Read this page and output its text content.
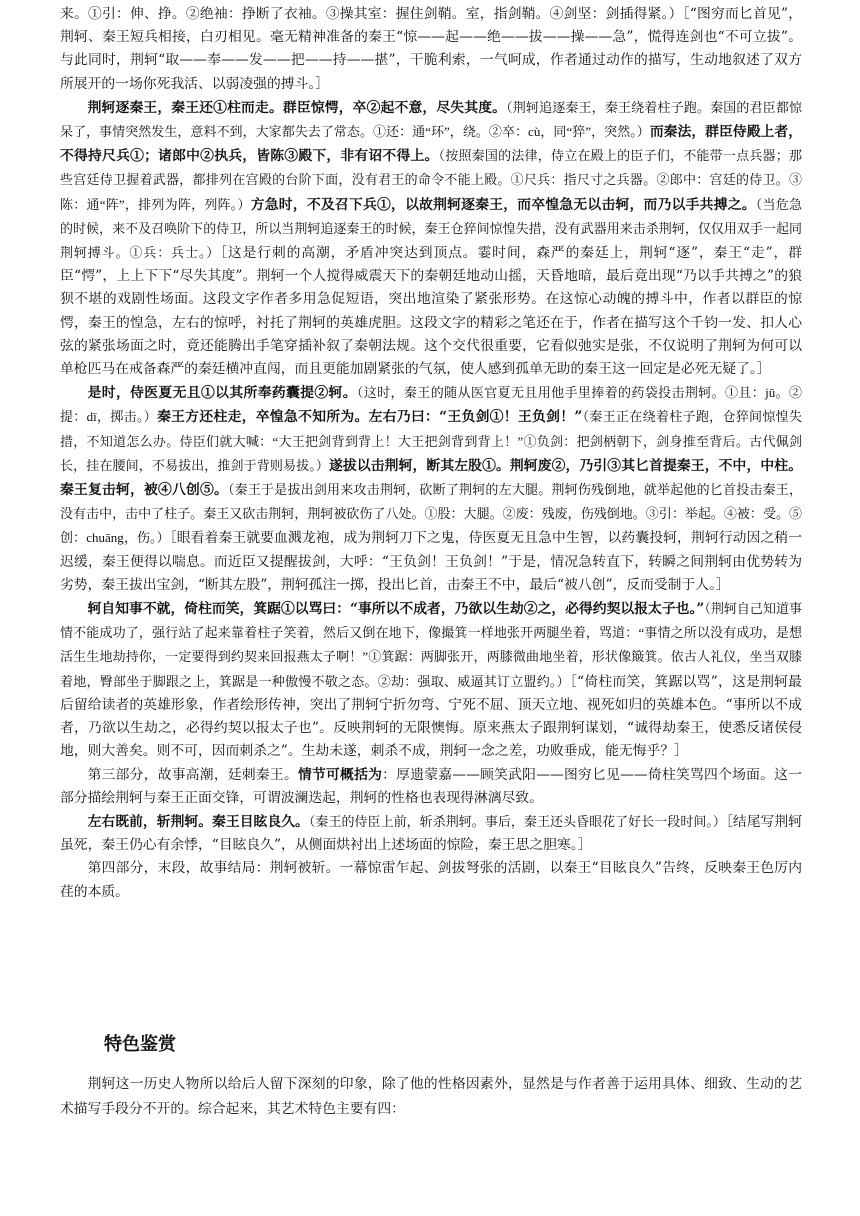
来。①引：伸、挣。②绝袖：挣断了衣袖。③操其室：握住剑鞘。室，指剑鞘。④剑坚：剑插得紧。）［“图穷而匕首见”，荆轲、秦王短兵相接，白刃相见。毫无精神准备的秦王“惊——起——绝——拔——操——急”，慌得连剑也“不可立拔”。与此同时，荆轲“取——奉——发——把——持——揕”，干脆利索，一气呵成，作者通过动作的描写，生动地叙述了双方所展开的一场你死我活、以弱凌强的搏斗。］

荆轲逐秦王，秦王还①柱而走。群臣惊愕，卒②起不意，尽失其度。（荆轲追逐秦王，秦王绕着柱子跑。秦国的君臣都惊呆了，事情突然发生，意料不到，大家都失去了常态。①还：通“环”，绕。②卒：cù，同“猝”，突然。）而秦法，群臣侍殿上者，不得持尺兵①；诸郎中②执兵，皆陈③殿下，非有诏不得上。（按照秦国的法律，侍立在殿上的臣子们，不能带一点兵器；那些宫廷侍卫握着武器，都排列在宫殿的台阶下面，没有君王的命令不能上殿。①尺兵：指尺寸之兵器。②郎中：宫廷的侍卫。③陈：通“阵”，排列为阵，列阵。）方急时，不及召下兵①，以故荆轲逐秦王，而卒惶急无以击轲，而乃以手共搏之。（当危急的时候，来不及召唤阶下的侍卫，所以当荆轲追逐秦王的时候，秦王仓猝间惊惶失措，没有武器用来击杀荆轲，仅仅用双手一起同荆轲搏斗。①兵：兵士。）［这是行刺的高潮，矛盾冲突达到顶点。霎时间，森严的秦廷上，荆轲“逐”，秦王“走”，群臣“愕”，上上下下“尽失其度”。荆轲一个人搅得威震天下的秦朝廷地动山摇，天昏地暗，最后竟出现“乃以手共搏之”的狼狈不堪的戏剧性场面。这段文字作者多用急促短语，突出地渲染了紧张形势。在这惊心动魄的搏斗中，作者以群臣的惊愕，秦王的惶急，左右的惊呼，衬托了荆轲的英雄虎胆。这段文字的精彩之笔还在于，作者在描写这个千钧一发、扣人心弦的紧张场面之时，竟还能腾出手笔穿插补叙了秦朝法规。这个交代很重要，它看似弛实是张，不仅说明了荆轲为何可以单枪匹马在戒备森严的秦廷横冲直闯，而且更能加剧紧张的气氛，使人感到孤单无助的秦王这一回定是必死无疑了。］

是时，侍医夏无且①以其所奉药囊提②轲。（这时，秦王的随从医官夏无且用他手里捧着的药袋投击荆轲。①且：jū。②提：dī，掷击。）秦王方还柱走，卒惶急不知所为。左右乃曰：“王负剑①！王负剑！”（秦王正在绕着柱子跑，仓猝间惊惶失措，不知道怎么办。侍臣们就大喊：“大王把剑背到背上！大王把剑背到背上！”①负剑：把剑柄朝下，剑身推至背后。古代佩剑长，挂在腰间，不易拔出，推剑于背则易拔。）遂拔以击荆轲，断其左股①。荆轲废②，乃引③其匕首提秦王，不中，中柱。秦王复击轲，被④八创⑤。（秦王于是拔出剑用来攻击荆轲，砍断了荆轲的左大腿。荆轲伤残倒地，就举起他的匕首投击秦王，没有击中，击中了柱子。秦王又砍击荆轲，荆轲被砍伤了八处。①股：大腿。②废：残废，伤残倒地。③引：举起。④被：受。⑤创：chuāng，伤。）［眼看着秦王就要血溅龙袍，成为荆轲刀下之鬼，侍医夏无且急中生智，以药囊投轲，荆轲行动因之稍一迟缓，秦王便得以喘息。而近臣又提醒拔剑，大呼：“王负剑！王负剑！”于是，情况急转直下，转瞬之间荆轲由优势转为劣势，秦王拔出宝剑，“断其左股”，荆轲孤注一掷，投出匕首，击秦王不中，最后“被八创”，反而受制于人。］

轲自知事不就，倚柱而笑，箕踞①以骂曰：“事所以不成者，乃欲以生劫②之，必得约契以报太子也。”（荆轲自己知道事情不能成功了，强行站了起来靠着柱子笑着，然后又倒在地下，像撮箕一样地张开两腿坐着，骂道：“事情之所以没有成功，是想活生生地劫持你，一定要得到约契来回报燕太子啊！”①箕踞：两脚张开，两膝微曲地坐着，形状像簸箕。依古人礼仪，坐当双膝着地，臀部坐于脚跟之上，箕踞是一种傲慢不敬之态。②劫：强取、威逼其订立盟约。）［“倚柱而笑，箕踞以骂”，这是荆轲最后留给读者的英雄形象，作者绘形传神，突出了荆轲宁折勿弯、宁死不屈、顶天立地、视死如归的英雄本色。“事所以不成者，乃欲以生劫之，必得约契以报太子也”。反映荆轲的无限懊悔。原来燕太子跟荆轲谋划，“诚得劫秦王，使悉反诸侯侵地，则大善矣。则不可，因而刺杀之”。生劫未遂，刺杀不成，荆轲一念之差，功败垂成，能无悔乎？］

第三部分，故事高潮，廷刺秦王。情节可概括为：厚遗蒙嘉——顾笑武阳——图穷匕见——倚柱笑骂四个场面。这一部分描绘荆轲与秦王正面交锋，可谓波澜迭起，荆轲的性格也表现得淋漓尽致。

左右既前，斩荆轲。秦王目眩良久。（秦王的侍臣上前，斩杀荆轲。事后，秦王还头昏眼花了好长一段时间。）［结尾写荆轲虽死，秦王仍心有余悸，“目眩良久”，从侧面烘衬出上述场面的惊险，秦王思之胆寒。］

第四部分，末段，故事结局：荆轲被斩。一幕惊雷乍起、剑拔弩张的活剧，以秦王“目眩良久”告终，反映秦王色厉内荏的本质。

特色鉴赏

荆轲这一历史人物所以给后人留下深刻的印象，除了他的性格因素外，显然是与作者善于运用具体、细致、生动的艺术描写手段分不开的。综合起来，其艺术特色主要有四：
